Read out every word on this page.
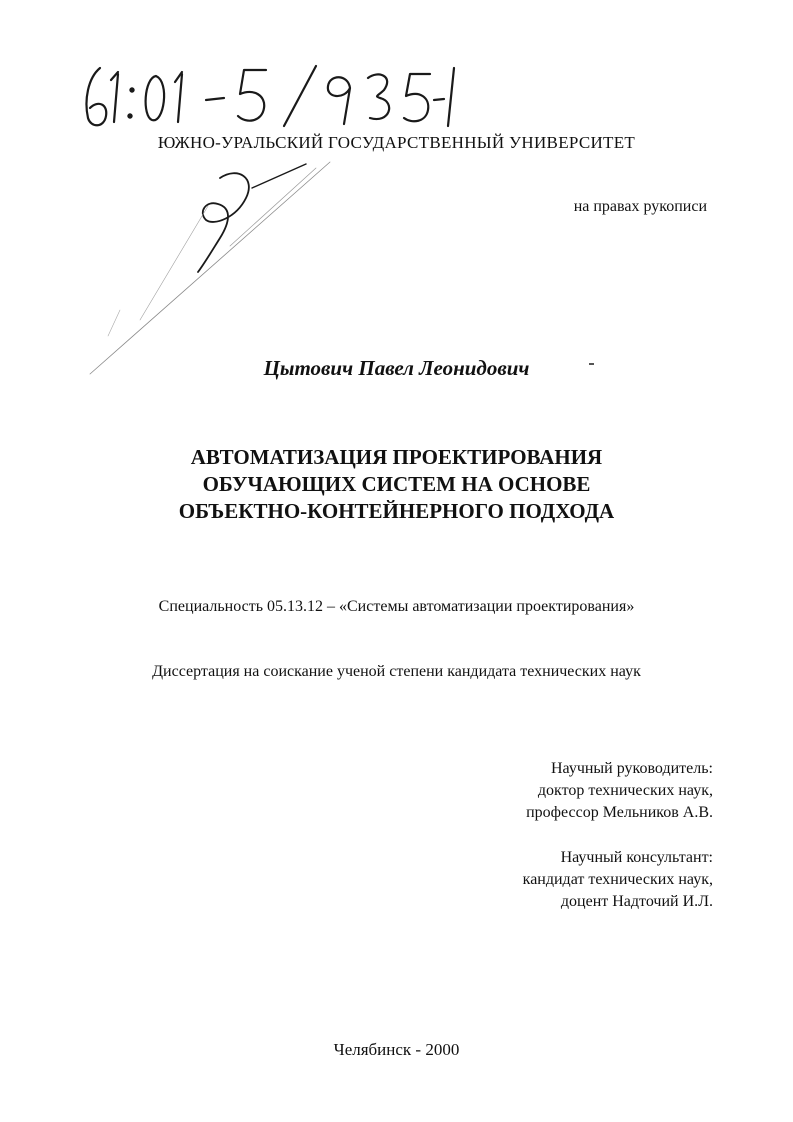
ЮЖНО-УРАЛЬСКИЙ ГОСУДАРСТВЕННЫЙ УНИВЕРСИТЕТ
на правах рукописи
Цытович Павел Леонидович
АВТОМАТИЗАЦИЯ ПРОЕКТИРОВАНИЯ
ОБУЧАЮЩИХ СИСТЕМ НА ОСНОВЕ
ОБЪЕКТНО-КОНТЕЙНЕРНОГО ПОДХОДА
Специальность 05.13.12 – «Системы автоматизации проектирования»
Диссертация на соискание ученой степени кандидата технических наук
Научный руководитель:
доктор технических наук,
профессор Мельников А.В.
Научный консультант:
кандидат технических наук,
доцент Надточий И.Л.
Челябинск - 2000
